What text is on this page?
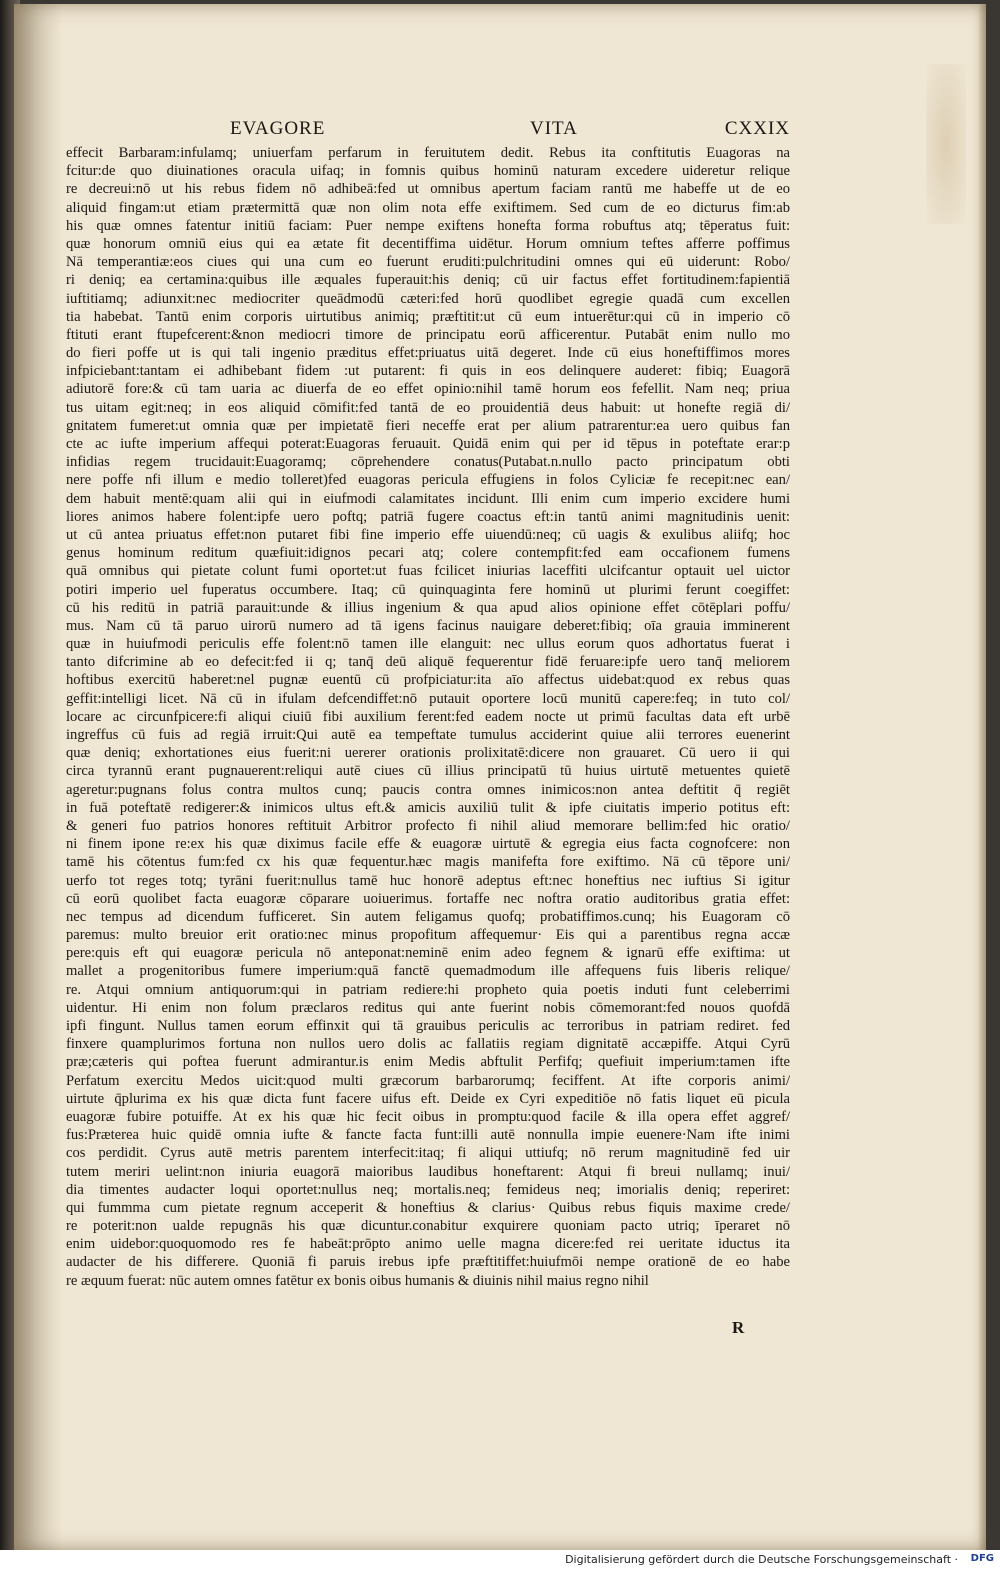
EVAGORE	VITA	CXXIX
effecit Barbaram:infulamq; uniuerfam perfarum in feruitutem dedit. Rebus ita conftitutis Euagoras na
fcitur:de quo diuinationes oracula uifaq; in fomnis quibus hominū naturam excedere uideretur relique
re decreui:nō ut his rebus fidem nō adhibeā:fed ut omnibus apertum faciam rantū me habeffe ut de eo
aliquid fingam:ut etiam prætermittā quæ non olim nota effe exiftimem. Sed cum de eo dicturus fim:ab
his quæ omnes fatentur initiū faciam: Puer nempe exiftens honefta forma robuftus atq; tēperatus fuit:
quæ honorum omniū eius qui ea ætate fit decentiffima uidētur. Horum omnium teftes afferre poffimus
Nā temperantiæ:eos ciues qui una cum eo fuerunt eruditi:pulchritudini omnes qui eū uiderunt: Robo/
ri deniq; ea certamina:quibus ille æquales fuperauit:his deniq; cū uir factus effet fortitudinem:fapientiā
iuftitiamq; adiunxit:nec mediocriter queādmodū cæteri:fed horū quodlibet egregie quadā cum excellen
tia habebat. Tantū enim corporis uirtutibus animiq; præftitit:ut cū eum intuerētur:qui cū in imperio cō
ftituti erant ftupefcerent:&non mediocri timore de principatu eorū afficerentur. Putabāt enim nullo mo
do fieri poffe ut is qui tali ingenio præditus effet:priuatus uitā degeret. Inde cū eius honeftiffimos mores
infpiciebant:tantam ei adhibebant fidem :ut putarent: fi quis in eos delinquere auderet: fibiq; Euagorā
adiutorē fore:& cū tam uaria ac diuerfa de eo effet opinio:nihil tamē horum eos fefellit. Nam neq; priua
tus uitam egit:neq; in eos aliquid cōmifit:fed tantā de eo prouidentiā deus habuit: ut honefte regiā di/
gnitatem fumeret:ut omnia quæ per impietatē fieri neceffe erat per alium patrarentur:ea uero quibus fan
cte ac iufte imperium affequi poterat:Euagoras feruauit. Quidā enim qui per id tēpus in poteftate erar:p
infidias regem trucidauit:Euagoramq; cōprehendere conatus(Putabat.n.nullo pacto principatum obti
nere poffe nfi illum e medio tolleret)fed euagoras pericula effugiens in folos Cyliciæ fe recepit:nec ean/
dem habuit mentē:quam alii qui in eiufmodi calamitates incidunt. Illi enim cum imperio excidere humi
liores animos habere folent:ipfe uero poftq; patriā fugere coactus eft:in tantū animi magnitudinis uenit:
ut cū antea priuatus effet:non putaret fibi fine imperio effe uiuendū:neq; cū uagis & exulibus aliifq; hoc
genus hominum reditum quæfiuit:idignos pecari atq; colere contempfit:fed eam occafionem fumens
quā omnibus qui pietate colunt fumi oportet:ut fuas fcilicet iniurias laceffiti ulcifcantur optauit uel uictor
potiri imperio uel fuperatus occumbere. Itaq; cū quinquaginta fere hominū ut plurimi ferunt coegiffet:
cū his reditū in patriā parauit:unde & illius ingenium & qua apud alios opinione effet cōtēplari poffu/
mus. Nam cū tā paruo uirorū numero ad tā igens facinus nauigare deberet:fibiq; oīa grauia imminerent
quæ in huiufmodi periculis effe folent:nō tamen ille elanguit: nec ullus eorum quos adhortatus fuerat i
tanto difcrimine ab eo defecit:fed ii q; tanq̄ deū aliquē fequerentur fidē feruare:ipfe uero tanq̄ meliorem
hoftibus exercitū haberet:nel pugnæ euentū cū profpiciatur:ita aīo affectus uidebat:quod ex rebus quas
geffit:intelligi licet. Nā cū in ifulam defcendiffet:nō putauit oportere locū munitū capere:feq; in tuto col/
locare ac circunfpicere:fi aliqui ciuiū fibi auxilium ferent:fed eadem nocte ut primū facultas data eft urbē
ingreffus cū fuis ad regiā irruit:Qui autē ea tempeftate tumulus acciderint quiue alii terrores euenerint
quæ deniq; exhortationes eius fuerit:ni uererer orationis prolixitatē:dicere non grauaret. Cū uero ii qui
circa tyrannū erant pugnauerent:reliqui autē ciues cū illius principatū tū huius uirtutē metuentes quietē
ageretur:pugnans folus contra multos cunq; paucis contra omnes inimicos:non antea deftitit q̄ regiēt
in fuā poteftatē redigerer:& inimicos ultus eft.& amicis auxiliū tulit & ipfe ciuitatis imperio potitus eft:
& generi fuo patrios honores reftituit Arbitror profecto fi nihil aliud memorare bellim:fed hic oratio/
ni finem ipone re:ex his quæ diximus facile effe & euagoræ uirtutē & egregia eius facta cognofcere: non
tamē his cōtentus fum:fed cx his quæ fequentur.hæc magis manifefta fore exiftimo. Nā cū tēpore uni/
uerfo tot reges totq; tyrāni fuerit:nullus tamē huc honorē adeptus eft:nec honeftius nec iuftius Si igitur
cū eorū quolibet facta euagoræ cōparare uoiuerimus. fortaffe nec noftra oratio auditoribus gratia effet:
nec tempus ad dicendum fufficeret. Sin autem feligamus quofq; probatiffimos.cunq; his Euagoram cō
paremus: multo breuior erit oratio:nec minus propofitum affequemur· Eis qui a parentibus regna accæ
pere:quis eft qui euagoræ pericula nō anteponat:neminē enim adeo fegnem & ignarū effe exiftima: ut
mallet a progenitoribus fumere imperium:quā fanctē quemadmodum ille affequens fuis liberis relique/
re. Atqui omnium antiquorum:qui in patriam rediere:hi propheto quia poetis induti funt celeberrimi
uidentur. Hi enim non folum præclaros reditus qui ante fuerint nobis cōmemorant:fed nouos quofdā
ipfi fingunt. Nullus tamen eorum effinxit qui tā grauibus periculis ac terroribus in patriam rediret. fed
finxere quamplurimos fortuna non nullos uero dolis ac fallatiis regiam dignitatē accæpiffe. Atqui Cyrū
præ;cæteris qui poftea fuerunt admirantur.is enim Medis abftulit Perfifq; quefiuit imperium:tamen ifte
Perfatum exercitu Medos uicit:quod multi græcorum barbarorumq; feciffent. At ifte corporis animi/
uirtute q̄plurima ex his quæ dicta funt facere uifus eft. Deide ex Cyri expeditiōe nō fatis liquet eū picula
euagoræ fubire potuiffe. At ex his quæ hic fecit oibus in promptu:quod facile & illa opera effet aggref/
fus:Præterea huic quidē omnia iufte & fancte facta funt:illi autē nonnulla impie euenere·Nam ifte inimi
cos perdidit. Cyrus autē metris parentem interfecit:itaq; fi aliqui uttiufq; nō rerum magnitudinē fed uir
tutem meriri uelint:non iniuria euagorā maioribus laudibus honeftarent: Atqui fi breui nullamq; inui/
dia timentes audacter loqui oportet:nullus neq; mortalis.neq; femideus neq; imorialis deniq; reperiret:
qui fummma cum pietate regnum acceperit & honeftius & clarius· Quibus rebus fiquis maxime crede/
re poterit:non ualde repugnās his quæ dicuntur.conabitur exquirere quoniam pacto utriq; īperaret nō
enim uidebor:quoquomodo res fe habeāt:prōpto animo uelle magna dicere:fed rei ueritate iductus ita
audacter de his differere. Quoniā fi paruis irebus ipfe præftitiffet:huiufmōi nempe orationē de eo habe
re æquum fuerat: nūc autem omnes fatētur ex bonis oibus humanis & diuinis nihil maius regno nihil
R
Digitalisierung gefördert durch die Deutsche Forschungsgemeinschaft · DFG
